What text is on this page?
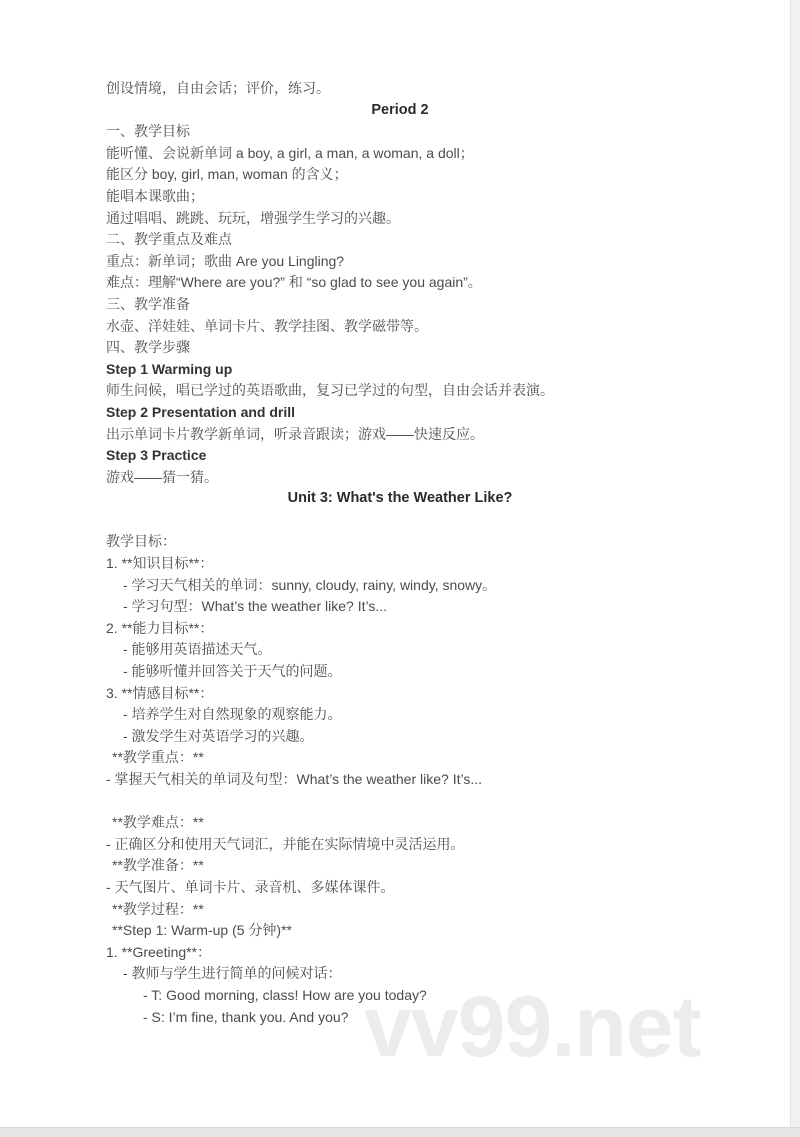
vv99.net
创设情境，自由会话；评价，练习。
Period 2
一、教学目标
能听懂、会说新单词 a boy, a girl, a man, a woman, a doll；
能区分 boy, girl, man, woman 的含义；
能唱本课歌曲；
通过唱唱、跳跳、玩玩，增强学生学习的兴趣。
二、教学重点及难点
重点：新单词；歌曲 Are you Lingling?
难点：理解“Where are you?” 和 “so glad to see you again”。
三、教学准备
水壶、洋娃娃、单词卡片、教学挂图、教学磁带等。
四、教学步骤
Step 1 Warming up
师生问候，唱已学过的英语歌曲，复习已学过的句型，自由会话并表演。
Step 2 Presentation and drill
出示单词卡片教学新单词，听录音跟读；游戏——快速反应。
Step 3 Practice
游戏——猜一猜。
Unit 3: What's the Weather Like?

教学目标：
1. **知识目标**：
- 学习天气相关的单词：sunny, cloudy, rainy, windy, snowy。
- 学习句型：What’s the weather like? It’s...
2. **能力目标**：
- 能够用英语描述天气。
- 能够听懂并回答关于天气的问题。
3. **情感目标**：
- 培养学生对自然现象的观察能力。
- 激发学生对英语学习的兴趣。
**教学重点：**
- 掌握天气相关的单词及句型：What’s the weather like? It’s...

**教学难点：**
- 正确区分和使用天气词汇，并能在实际情境中灵活运用。
**教学准备：**
- 天气图片、单词卡片、录音机、多媒体课件。
**教学过程：**
**Step 1: Warm-up (5 分钟)**
1. **Greeting**：
- 教师与学生进行简单的问候对话：
- T: Good morning, class! How are you today?
- S: I’m fine, thank you. And you?
